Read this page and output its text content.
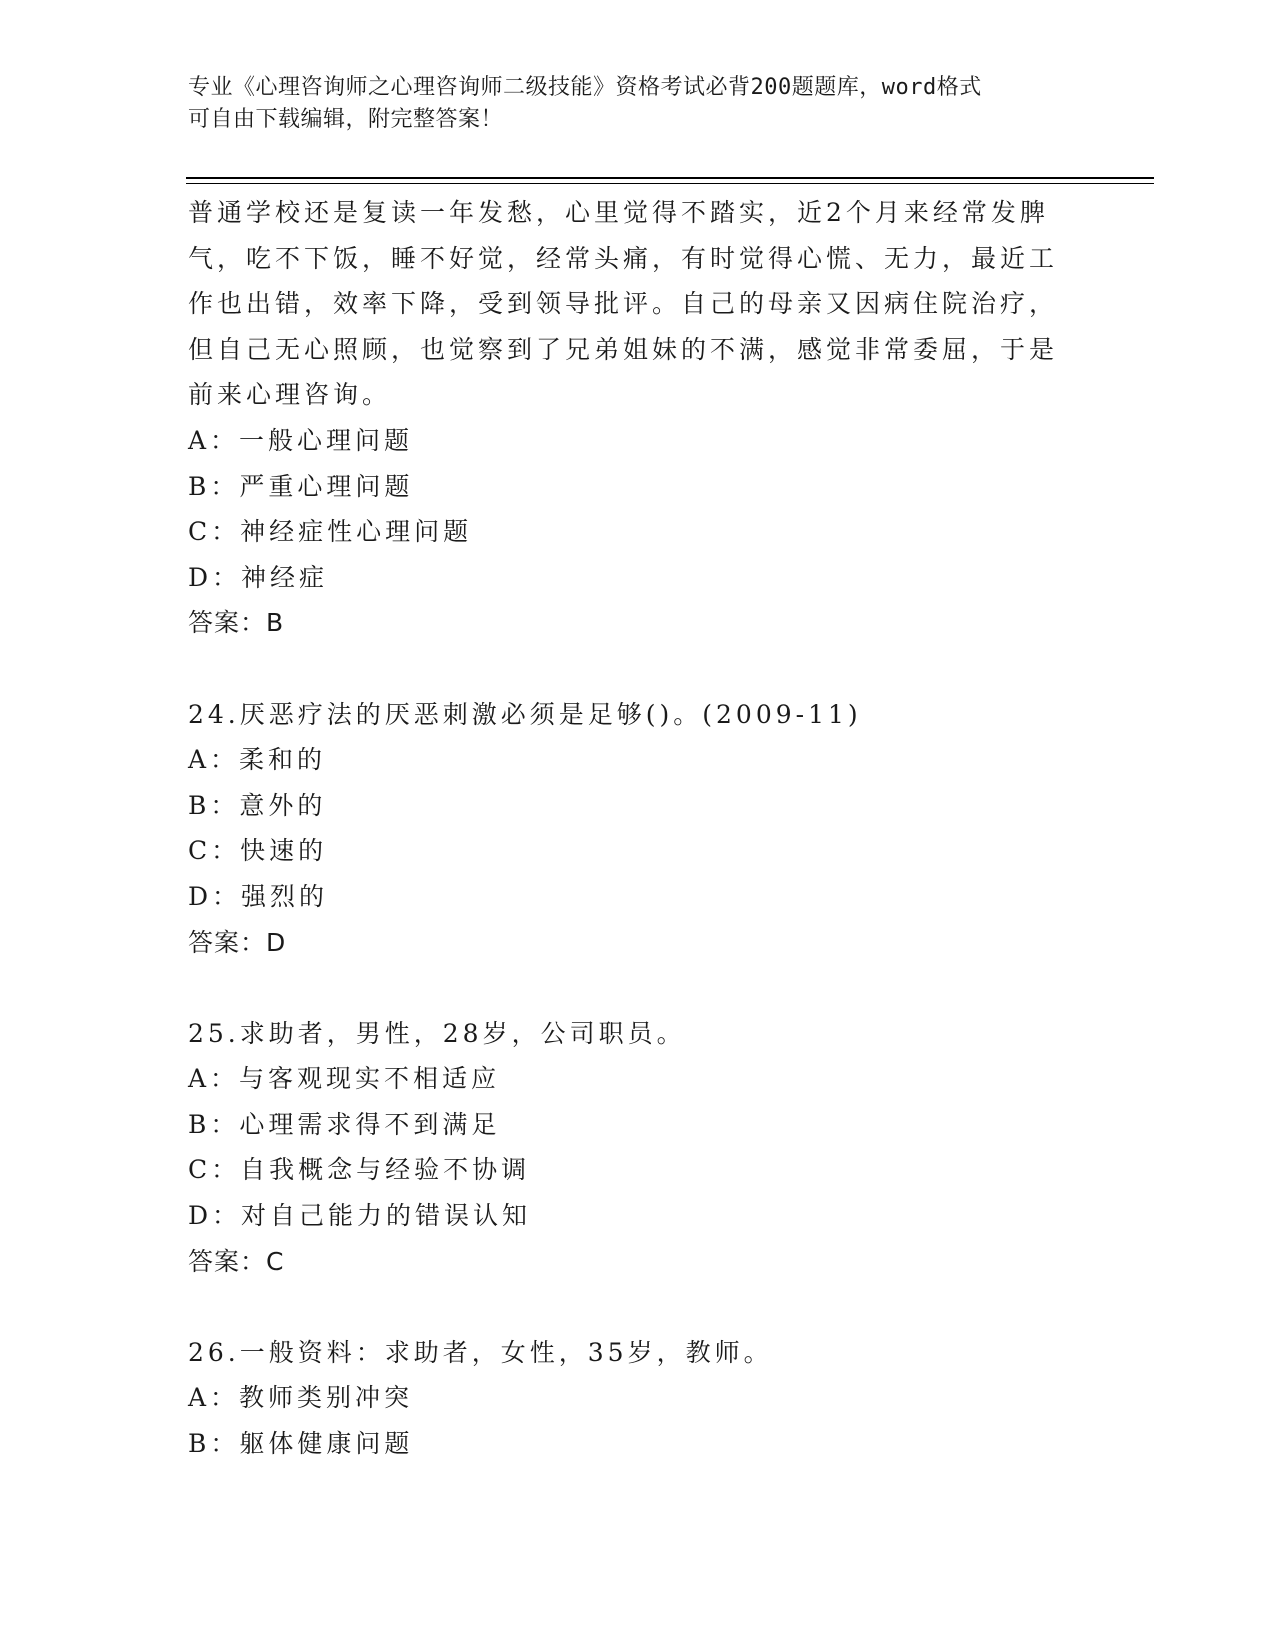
专业《心理咨询师之心理咨询师二级技能》资格考试必背200题题库，word格式
可自由下载编辑，附完整答案！
普通学校还是复读一年发愁，心里觉得不踏实，近2个月来经常发脾
气，吃不下饭，睡不好觉，经常头痛，有时觉得心慌、无力，最近工
作也出错，效率下降，受到领导批评。自己的母亲又因病住院治疗，
但自己无心照顾，也觉察到了兄弟姐妹的不满，感觉非常委屈，于是
前来心理咨询。
A：一般心理问题
B：严重心理问题
C：神经症性心理问题
D：神经症
答案：B
24.厌恶疗法的厌恶刺激必须是足够()。(2009-11)
A：柔和的
B：意外的
C：快速的
D：强烈的
答案：D
25.求助者，男性，28岁，公司职员。
A：与客观现实不相适应
B：心理需求得不到满足
C：自我概念与经验不协调
D：对自己能力的错误认知
答案：C
26.一般资料：求助者，女性，35岁，教师。
A：教师类别冲突
B：躯体健康问题
